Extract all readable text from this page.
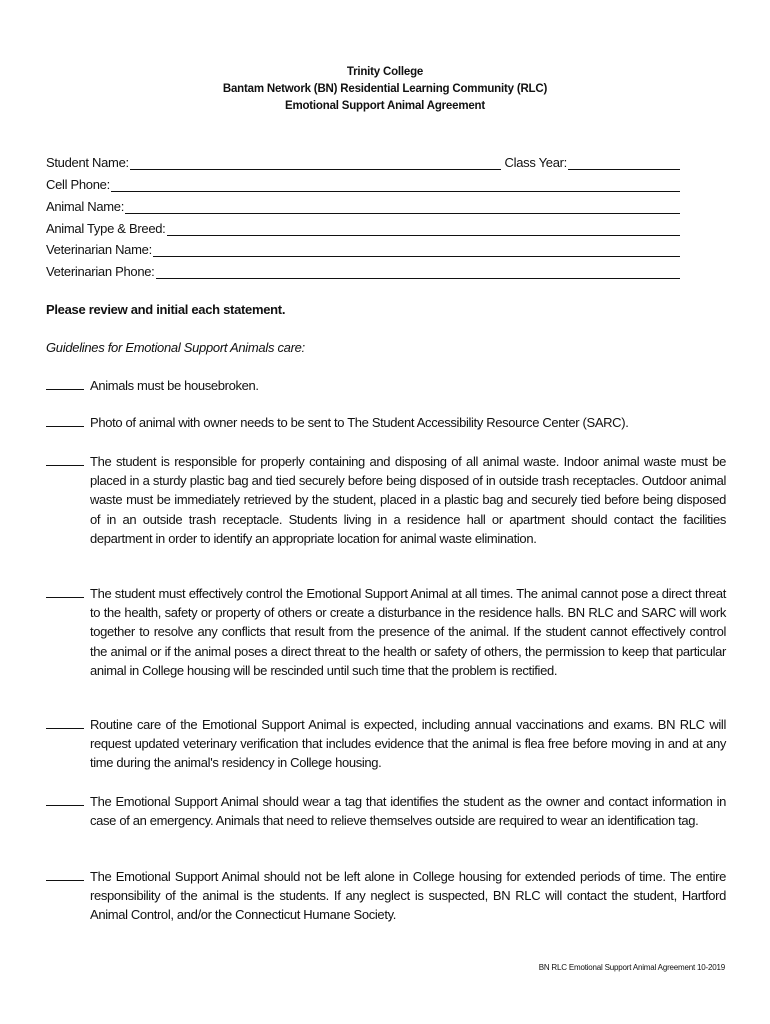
Trinity College
Bantam Network (BN) Residential Learning Community (RLC)
Emotional Support Animal Agreement
Student Name:	Class Year:
Cell Phone:
Animal Name:
Animal Type & Breed:
Veterinarian Name:
Veterinarian Phone:
Please review and initial each statement.
Guidelines for Emotional Support Animals care:
Animals must be housebroken.
Photo of animal with owner needs to be sent to The Student Accessibility Resource Center (SARC).
The student is responsible for properly containing and disposing of all animal waste. Indoor animal waste must be placed in a sturdy plastic bag and tied securely before being disposed of in outside trash receptacles. Outdoor animal waste must be immediately retrieved by the student, placed in a plastic bag and securely tied before being disposed of in an outside trash receptacle. Students living in a residence hall or apartment should contact the facilities department in order to identify an appropriate location for animal waste elimination.
The student must effectively control the Emotional Support Animal at all times. The animal cannot pose a direct threat to the health, safety or property of others or create a disturbance in the residence halls. BN RLC and SARC will work together to resolve any conflicts that result from the presence of the animal. If the student cannot effectively control the animal or if the animal poses a direct threat to the health or safety of others, the permission to keep that particular animal in College housing will be rescinded until such time that the problem is rectified.
Routine care of the Emotional Support Animal is expected, including annual vaccinations and exams. BN RLC will request updated veterinary verification that includes evidence that the animal is flea free before moving in and at any time during the animal's residency in College housing.
The Emotional Support Animal should wear a tag that identifies the student as the owner and contact information in case of an emergency. Animals that need to relieve themselves outside are required to wear an identification tag.
The Emotional Support Animal should not be left alone in College housing for extended periods of time. The entire responsibility of the animal is the students. If any neglect is suspected, BN RLC will contact the student, Hartford Animal Control, and/or the Connecticut Humane Society.
BN RLC Emotional Support Animal Agreement 10-2019
